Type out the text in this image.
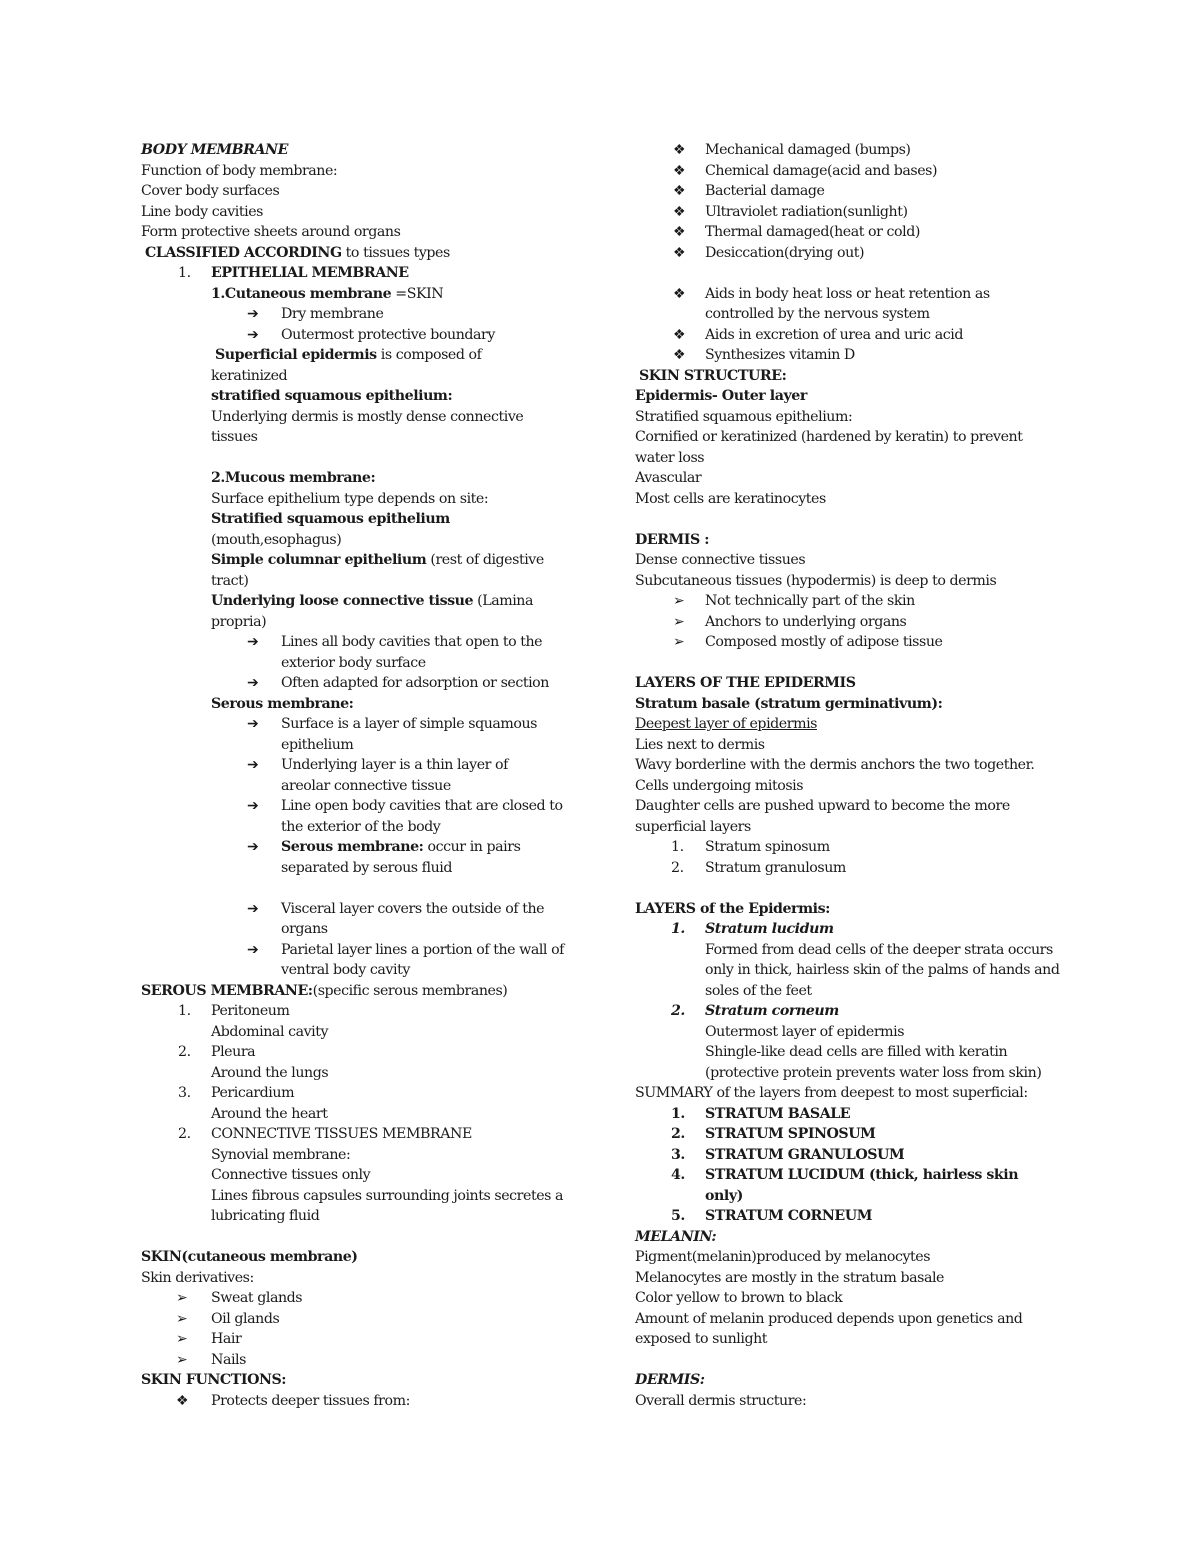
BODY MEMBRANE
Function of body membrane:
Cover body surfaces
Line body cavities
Form protective sheets around organs
CLASSIFIED ACCORDING to tissues types
1. EPITHELIAL MEMBRANE
1.Cutaneous membrane =SKIN
➔ Dry membrane
➔ Outermost protective boundary
Superficial epidermis is composed of
keratinized
stratified squamous epithelium:
Underlying dermis is mostly dense connective tissues
2.Mucous membrane:
Surface epithelium type depends on site:
Stratified squamous epithelium
(mouth,esophagus)
Simple columnar epithelium (rest of digestive tract)
Underlying loose connective tissue (Lamina propria)
➔ Lines all body cavities that open to the exterior body surface
➔ Often adapted for adsorption or section
Serous membrane:
➔ Surface is a layer of simple squamous epithelium
➔ Underlying layer is a thin layer of areolar connective tissue
➔ Line open body cavities that are closed to the exterior of the body
➔ Serous membrane: occur in pairs separated by serous fluid
➔ Visceral layer covers the outside of the organs
➔ Parietal layer lines a portion of the wall of ventral body cavity
SEROUS MEMBRANE:(specific serous membranes)
1. Peritoneum
Abdominal cavity
2. Pleura
Around the lungs
3. Pericardium
Around the heart
2. CONNECTIVE TISSUES MEMBRANE
Synovial membrane:
Connective tissues only
Lines fibrous capsules surrounding joints secretes a lubricating fluid
SKIN(cutaneous membrane)
Skin derivatives:
➢ Sweat glands
➢ Oil glands
➢ Hair
➢ Nails
SKIN FUNCTIONS:
❖ Protects deeper tissues from:
❖ Mechanical damaged (bumps)
❖ Chemical damage(acid and bases)
❖ Bacterial damage
❖ Ultraviolet radiation(sunlight)
❖ Thermal damaged(heat or cold)
❖ Desiccation(drying out)
❖ Aids in body heat loss or heat retention as controlled by the nervous system
❖ Aids in excretion of urea and uric acid
❖ Synthesizes vitamin D
SKIN STRUCTURE:
Epidermis- Outer layer
Stratified squamous epithelium:
Cornified or keratinized (hardened by keratin) to prevent water loss
Avascular
Most cells are keratinocytes
DERMIS :
Dense connective tissues
Subcutaneous tissues (hypodermis) is deep to dermis
➢ Not technically part of the skin
➢ Anchors to underlying organs
➢ Composed mostly of adipose tissue
LAYERS OF THE EPIDERMIS
Stratum basale (stratum germinativum):
Deepest layer of epidermis
Lies next to dermis
Wavy borderline with the dermis anchors the two together.
Cells undergoing mitosis
Daughter cells are pushed upward to become the more superficial layers
1. Stratum spinosum
2. Stratum granulosum
LAYERS of the Epidermis:
1. Stratum lucidum
Formed from dead cells of the deeper strata occurs only in thick, hairless skin of the palms of hands and soles of the feet
2. Stratum corneum
Outermost layer of epidermis
Shingle-like dead cells are filled with keratin (protective protein prevents water loss from skin)
SUMMARY of the layers from deepest to most superficial:
1. STRATUM BASALE
2. STRATUM SPINOSUM
3. STRATUM GRANULOSUM
4. STRATUM LUCIDUM (thick, hairless skin only)
5. STRATUM CORNEUM
MELANIN:
Pigment(melanin)produced by melanocytes
Melanocytes are mostly in the stratum basale
Color yellow to brown to black
Amount of melanin produced depends upon genetics and exposed to sunlight
DERMIS:
Overall dermis structure:
